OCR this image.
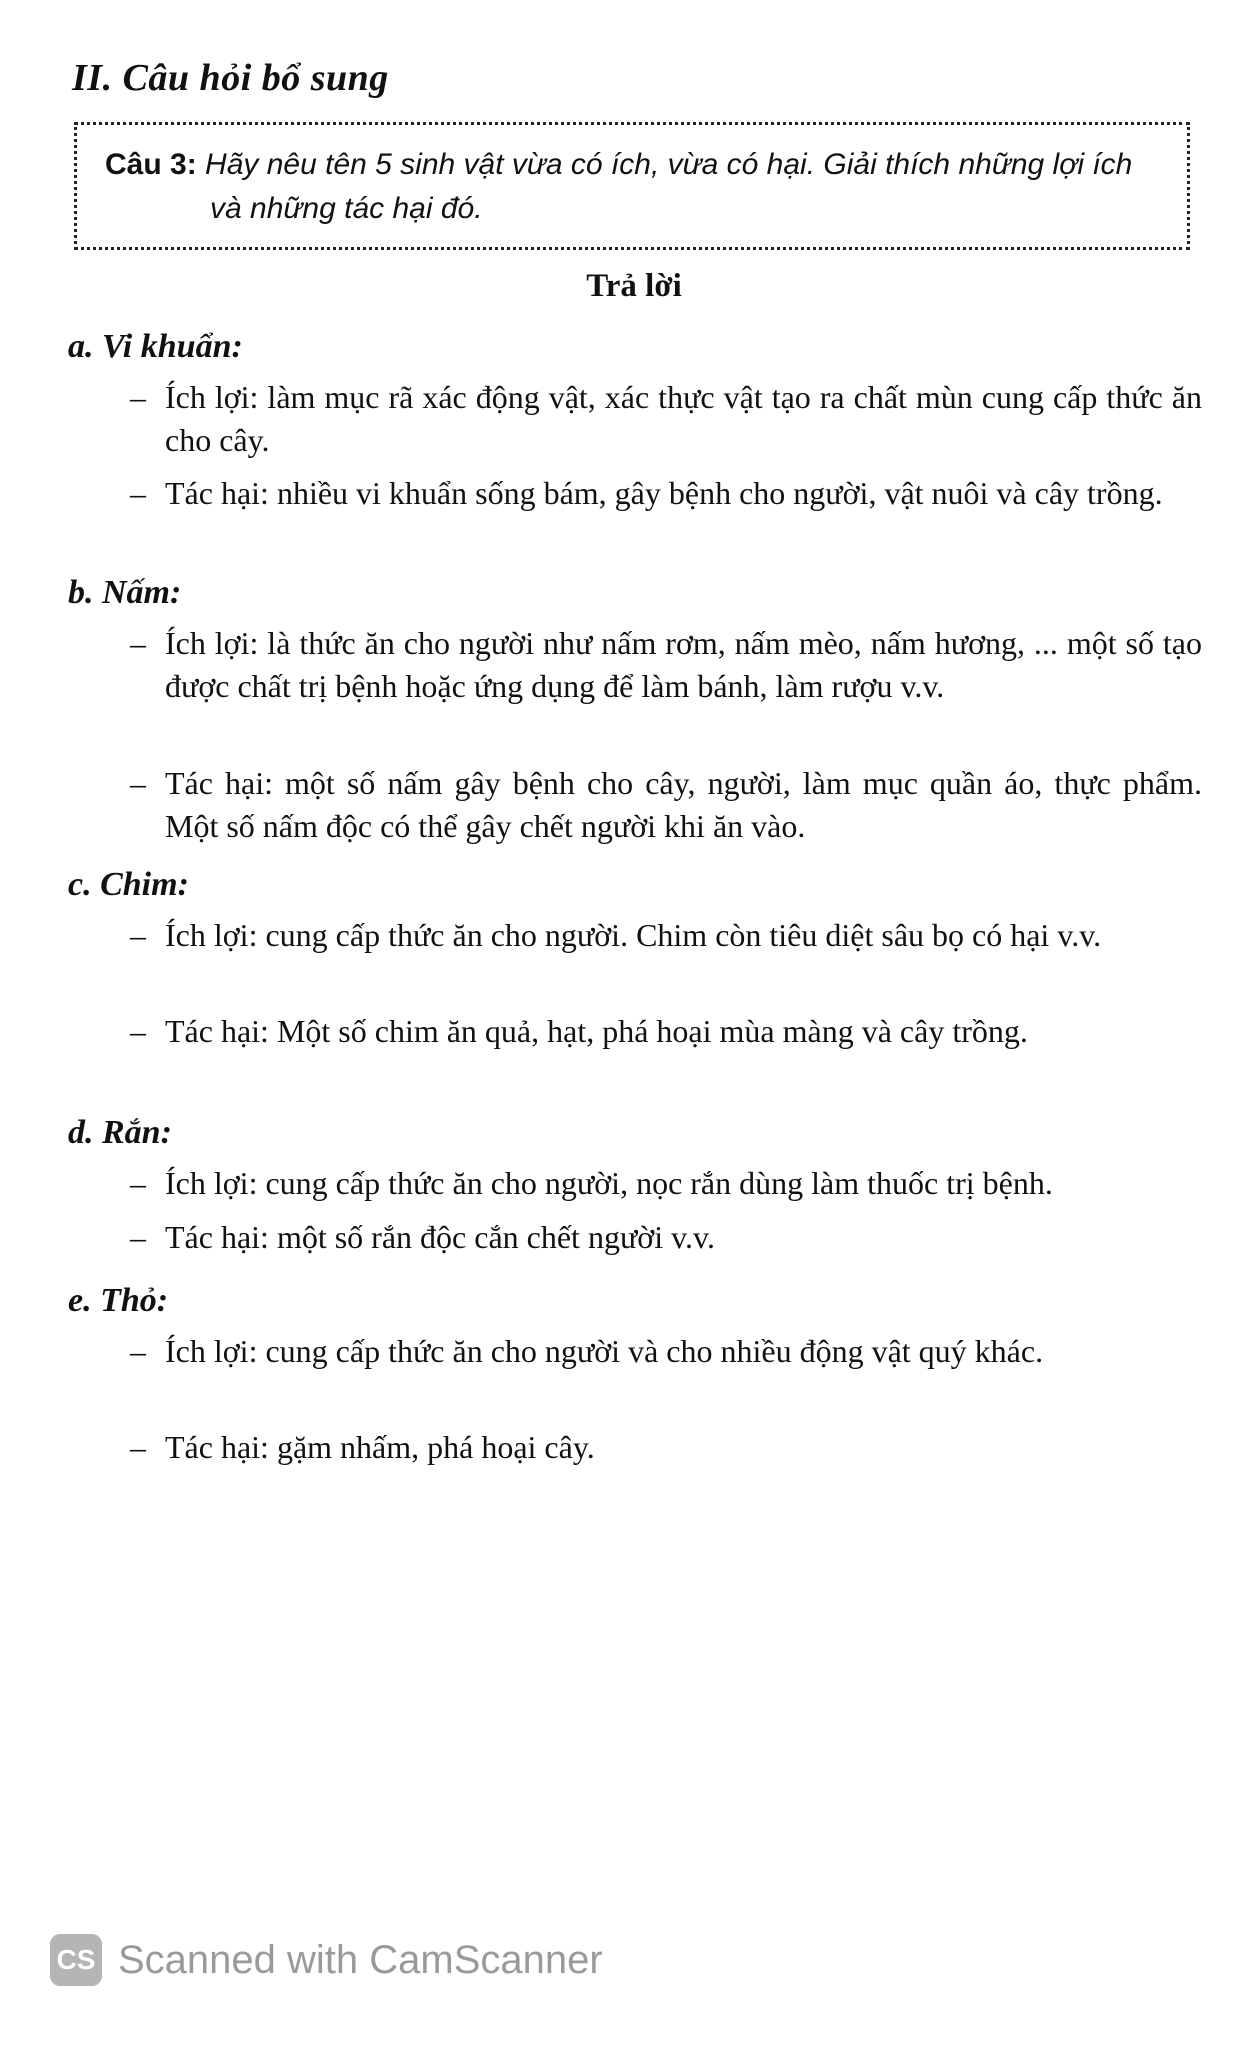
II. Câu hỏi bổ sung
Câu 3: Hãy nêu tên 5 sinh vật vừa có ích, vừa có hại. Giải thích những lợi ích
và những tác hại đó.
Trả lời
a. Vi khuẩn:
– Ích lợi: làm mục rã xác động vật, xác thực vật tạo ra chất mùn cung cấp thức ăn cho cây.
– Tác hại: nhiều vi khuẩn sống bám, gây bệnh cho người, vật nuôi và cây trồng.
b. Nấm:
– Ích lợi: là thức ăn cho người như nấm rơm, nấm mèo, nấm hương, ... một số tạo được chất trị bệnh hoặc ứng dụng để làm bánh, làm rượu v.v.
– Tác hại: một số nấm gây bệnh cho cây, người, làm mục quần áo, thực phẩm. Một số nấm độc có thể gây chết người khi ăn vào.
c. Chim:
– Ích lợi: cung cấp thức ăn cho người. Chim còn tiêu diệt sâu bọ có hại v.v.
– Tác hại: Một số chim ăn quả, hạt, phá hoại mùa màng và cây trồng.
d. Rắn:
– Ích lợi: cung cấp thức ăn cho người, nọc rắn dùng làm thuốc trị bệnh.
– Tác hại: một số rắn độc cắn chết người v.v.
e. Thỏ:
– Ích lợi: cung cấp thức ăn cho người và cho nhiều động vật quý khác.
– Tác hại: gặm nhấm, phá hoại cây.
CS Scanned with CamScanner
